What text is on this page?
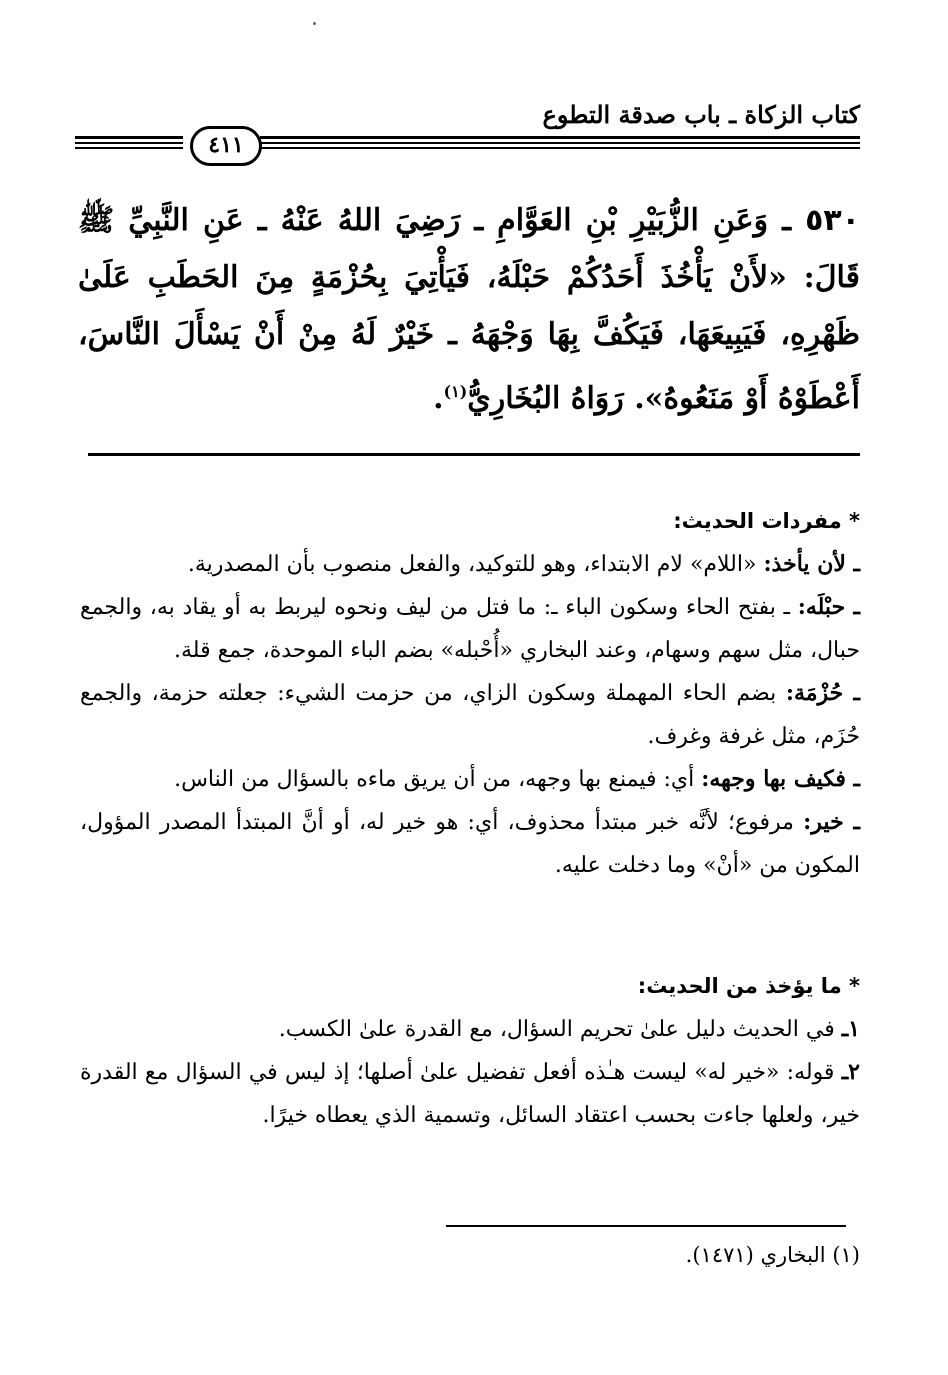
كتاب الزكاة ـ باب صدقة التطوع
٤١١
٥٣٠ ـ وَعَنِ الزُّبَيْرِ بْنِ العَوَّامِ ـ رَضِيَ اللهُ عَنْهُ ـ عَنِ النَّبِيِّ ﷺ قَالَ: «لأَنْ يَأْخُذَ أَحَدُكُمْ حَبْلَهُ، فَيَأْتِيَ بِحُزْمَةٍ مِنَ الحَطَبِ عَلَىٰ ظَهْرِهِ، فَيَبِيعَهَا، فَيَكُفَّ بِهَا وَجْهَهُ ـ خَيْرٌ لَهُ مِنْ أَنْ يَسْأَلَ النَّاسَ، أَعْطَوْهُ أَوْ مَنَعُوهُ». رَوَاهُ البُخَارِيُّ$^{(١)}$.
* مفردات الحديث:
ـ لأن يأخذ: «اللام» لام الابتداء، وهو للتوكيد، والفعل منصوب بأن المصدرية.
ـ حبْلَه: ـ بفتح الحاء وسكون الباء ـ: ما فتل من ليف ونحوه ليربط به أو يقاد به، والجمع حبال، مثل سهم وسهام، وعند البخاري «أُحْبله» بضم الباء الموحدة، جمع قلة.
ـ حُزْمَة: بضم الحاء المهملة وسكون الزاي، من حزمت الشيء: جعلته حزمة، والجمع حُزَم، مثل غرفة وغرف.
ـ فكيف بها وجهه: أي: فيمنع بها وجهه، من أن يريق ماءه بالسؤال من الناس.
ـ خير: مرفوع؛ لأنَّه خبر مبتدأ محذوف، أي: هو خير له، أو أنَّ المبتدأ المصدر المؤول، المكون من «أنْ» وما دخلت عليه.
* ما يؤخذ من الحديث:
١ـ في الحديث دليل علىٰ تحريم السؤال، مع القدرة علىٰ الكسب.
٢ـ قوله: «خير له» ليست هـٰذه أفعل تفضيل علىٰ أصلها؛ إذ ليس في السؤال مع القدرة خير، ولعلها جاءت بحسب اعتقاد السائل، وتسمية الذي يعطاه خيرًا.
(١) البخاري (١٤٧١).
